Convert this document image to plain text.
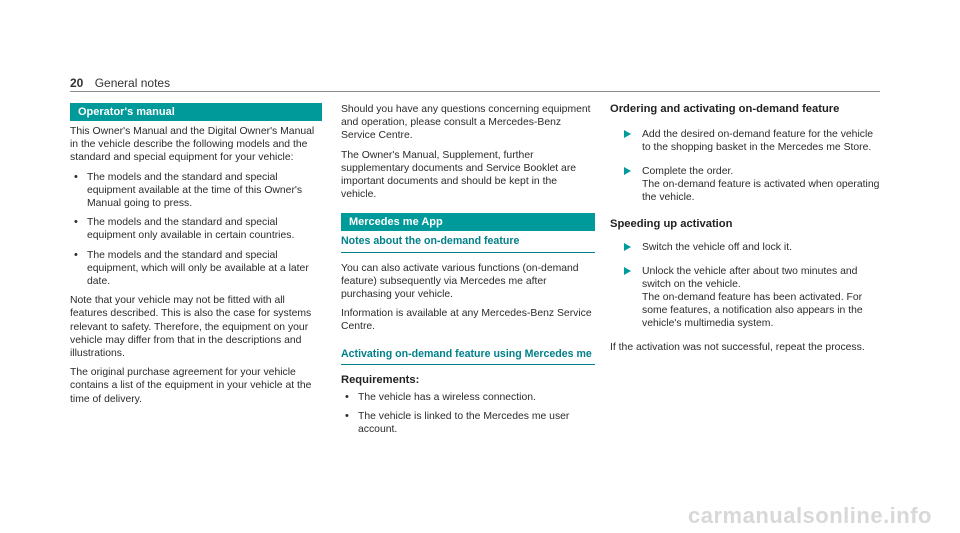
20 General notes
Operator's manual

This Owner's Manual and the Digital Owner's Manual in the vehicle describe the following models and the standard and special equipment for your vehicle:

• The models and the standard and special equipment available at the time of this Owner's Manual going to press.
• The models and the standard and special equipment only available in certain countries.
• The models and the standard and special equipment, which will only be available at a later date.

Note that your vehicle may not be fitted with all features described. This is also the case for systems relevant to safety. Therefore, the equipment on your vehicle may differ from that in the descriptions and illustrations.

The original purchase agreement for your vehicle contains a list of the equipment in your vehicle at the time of delivery.

Should you have any questions concerning equipment and operation, please consult a Mercedes-Benz Service Centre.

The Owner's Manual, Supplement, further supplementary documents and Service Booklet are important documents and should be kept in the vehicle.

Mercedes me App
Notes about the on-demand feature

You can also activate various functions (on-demand feature) subsequently via Mercedes me after purchasing your vehicle.

Information is available at any Mercedes-Benz Service Centre.

Activating on-demand feature using Mercedes me
Requirements:
• The vehicle has a wireless connection.
• The vehicle is linked to the Mercedes me user account.
Ordering and activating on-demand feature
Add the desired on-demand feature for the vehicle to the shopping basket in the Mercedes me Store.
Complete the order.
The on-demand feature is activated when operating the vehicle.
Speeding up activation
Switch the vehicle off and lock it.
Unlock the vehicle after about two minutes and switch on the vehicle.
The on-demand feature has been activated. For some features, a notification also appears in the vehicle's multimedia system.

If the activation was not successful, repeat the process.

carmanualsonline.info
